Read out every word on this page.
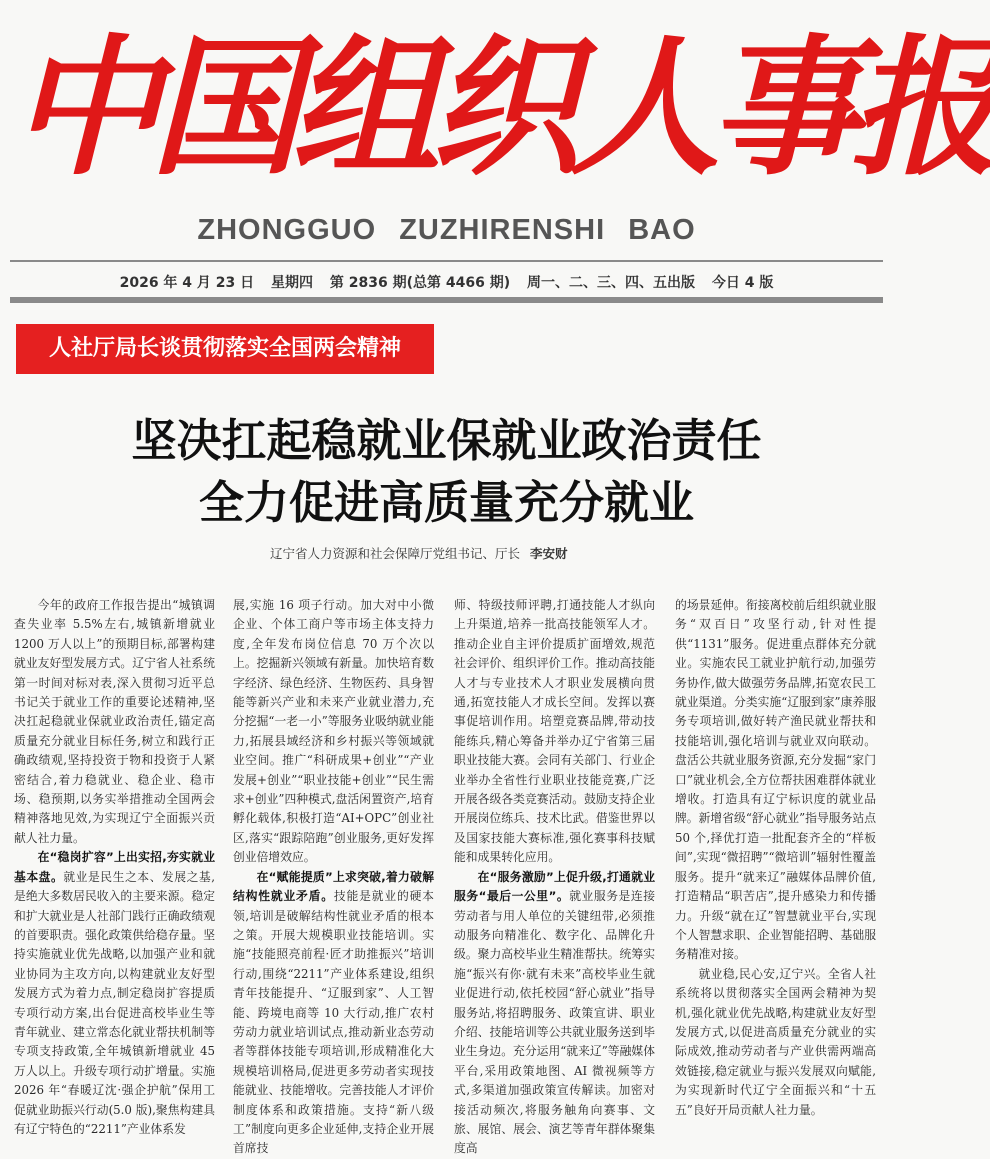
中国组织人事报
ZHONGGUO ZUZHIRENSHI BAO
2026 年 4 月 23 日 星期四 第 2836 期(总第 4466 期) 周一、二、三、四、五出版 今日 4 版
人社厅局长谈贯彻落实全国两会精神
坚决扛起稳就业保就业政治责任
全力促进高质量充分就业
辽宁省人力资源和社会保障厅党组书记、厅长 李安财

今年的政府工作报告提出“城镇调查失业率 5.5%左右,城镇新增就业 1200 万人以上”的预期目标,部署构建就业友好型发展方式。辽宁省人社系统第一时间对标对表,深入贯彻习近平总书记关于就业工作的重要论述精神,坚决扛起稳就业保就业政治责任,锚定高质量充分就业目标任务,树立和践行正确政绩观,坚持投资于物和投资于人紧密结合,着力稳就业、稳企业、稳市场、稳预期,以务实举措推动全国两会精神落地见效,为实现辽宁全面振兴贡献人社力量。

在“稳岗扩容”上出实招,夯实就业基本盘。就业是民生之本、发展之基,是绝大多数居民收入的主要来源。稳定和扩大就业是人社部门践行正确政绩观的首要职责。强化政策供给稳存量。坚持实施就业优先战略,以加强产业和就业协同为主攻方向,以构建就业友好型发展方式为着力点,制定稳岗扩容提质专项行动方案,出台促进高校毕业生等青年就业、建立常态化就业帮扶机制等专项支持政策,全年城镇新增就业 45 万人以上。升级专项行动扩增量。实施 2026 年“春暖辽沈·强企护航”保用工促就业助振兴行动(5.0 版),聚焦构建具有辽宁特色的“2211”产业体系发

展,实施 16 项子行动。加大对中小微企业、个体工商户等市场主体支持力度,全年发布岗位信息 70 万个次以上。挖掘新兴领域有新量。加快培育数字经济、绿色经济、生物医药、具身智能等新兴产业和未来产业就业潜力,充分挖掘“一老一小”等服务业吸纳就业能力,拓展县域经济和乡村振兴等领域就业空间。推广“科研成果+创业”“产业发展+创业”“职业技能+创业”“民生需求+创业”四种模式,盘活闲置资产,培育孵化载体,积极打造“AI+OPC”创业社区,落实“跟踪陪跑”创业服务,更好发挥创业倍增效应。

在“赋能提质”上求突破,着力破解结构性就业矛盾。技能是就业的硬本领,培训是破解结构性就业矛盾的根本之策。开展大规模职业技能培训。实施“技能照亮前程·匠才助推振兴”培训行动,围绕“2211”产业体系建设,组织青年技能提升、“辽服到家”、人工智能、跨境电商等 10 大行动,推广农村劳动力就业培训试点,推动新业态劳动者等群体技能专项培训,形成精准化大规模培训格局,促进更多劳动者实现技能就业、技能增收。完善技能人才评价制度体系和政策措施。支持“新八级工”制度向更多企业延伸,支持企业开展首席技

师、特级技师评聘,打通技能人才纵向上升渠道,培养一批高技能领军人才。推动企业自主评价提质扩面增效,规范社会评价、组织评价工作。推动高技能人才与专业技术人才职业发展横向贯通,拓宽技能人才成长空间。发挥以赛事促培训作用。培塑竞赛品牌,带动技能练兵,精心筹备并举办辽宁省第三届职业技能大赛。会同有关部门、行业企业举办全省性行业职业技能竞赛,广泛开展各级各类竞赛活动。鼓励支持企业开展岗位练兵、技术比武。借鉴世界以及国家技能大赛标准,强化赛事科技赋能和成果转化应用。

在“服务激励”上促升级,打通就业服务“最后一公里”。就业服务是连接劳动者与用人单位的关键纽带,必须推动服务向精准化、数字化、品牌化升级。聚力高校毕业生精准帮扶。统筹实施“振兴有你·就有未来”高校毕业生就业促进行动,依托校园“舒心就业”指导服务站,将招聘服务、政策宣讲、职业介绍、技能培训等公共就业服务送到毕业生身边。充分运用“就来辽”等融媒体平台,采用政策地图、AI 微视频等方式,多渠道加强政策宣传解读。加密对接活动频次,将服务触角向赛事、文旅、展馆、展会、演艺等青年群体聚集度高

的场景延伸。衔接离校前后组织就业服务“双百日”攻坚行动,针对性提供“1131”服务。促进重点群体充分就业。实施农民工就业护航行动,加强劳务协作,做大做强劳务品牌,拓宽农民工就业渠道。分类实施“辽服到家”康养服务专项培训,做好转产渔民就业帮扶和技能培训,强化培训与就业双向联动。盘活公共就业服务资源,充分发掘“家门口”就业机会,全方位帮扶困难群体就业增收。打造具有辽宁标识度的就业品牌。新增省级“舒心就业”指导服务站点 50 个,择优打造一批配套齐全的“样板间”,实现“微招聘”“微培训”辐射性覆盖服务。提升“就来辽”融媒体品牌价值,打造精品“职苦店”,提升感染力和传播力。升级“就在辽”智慧就业平台,实现个人智慧求职、企业智能招聘、基础服务精准对接。

就业稳,民心安,辽宁兴。全省人社系统将以贯彻落实全国两会精神为契机,强化就业优先战略,构建就业友好型发展方式,以促进高质量充分就业的实际成效,推动劳动者与产业供需两端高效链接,稳定就业与振兴发展双向赋能,为实现新时代辽宁全面振兴和“十五五”良好开局贡献人社力量。
